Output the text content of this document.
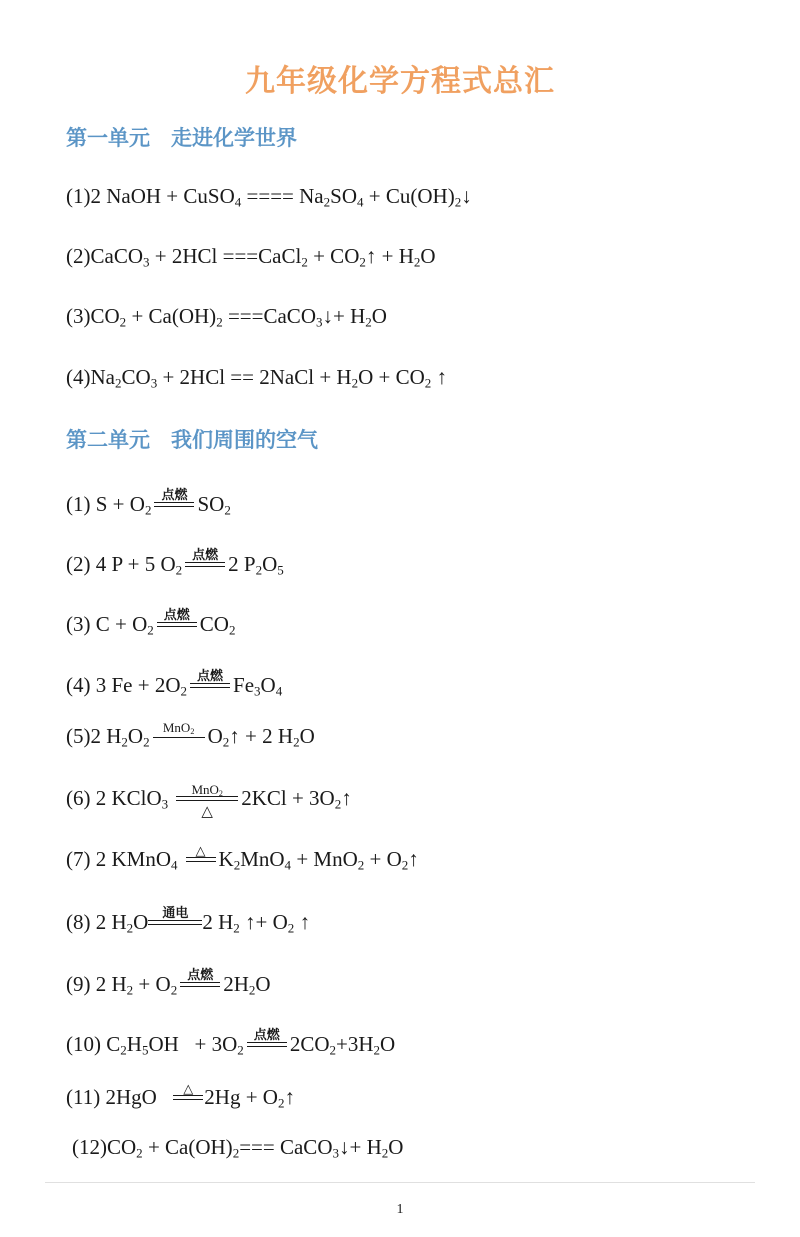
九年级化学方程式总汇
第一单元　走进化学世界
(1)2 NaOH + CuSO$_4$ ==== $Na_2SO_4$ + $Cu(OH)_2↓$
(2)CaCO$_3$ + 2HCl ===CaCl$_2$ + $CO_2↑ + H_2O$
$(3)CO_2 + Ca(OH)_2$ ===CaCO$_3$↓+ $H_2O$
$(4)Na_2CO_3 + 2HCl$ == 2NaCl + $H_2O + CO_2$ ↑
第二单元　我们周围的空气
(1) $S + O_2$
点燃 $SO_2$
(2) 4 P + 5 $O_2$
点燃 2 $P_2O_5$
(3) $C + O_2$
点燃 $CO_2$
(4) 3 $Fe + 2O_2$
点燃 $Fe_3O_4$
(5)2 $H_2O_2$
MnO$_2$ $O_2↑ + 2$ $H_2O$
(6) 2 KClO$_3$
MnO$_2$
△
$2KCl + 3O_2↑$
(7) 2 KMnO$_4$
△ $K_2MnO_4 + MnO_2$ + $O_2↑$
(8) 2 $H_2O$	通电 2 $H_2$ ↑+ $O_2$ ↑
(9) 2 $H_2 + O_2$
点燃 $2H_2O$
(10) $C_2H_5OH + 3O_2$
点燃 $2CO_2+3H_2O$
(11) 2HgO	△ $2Hg + O_2↑$
$(12)CO_2 + Ca(OH)_2===$ CaCO$_3$↓+ $H_2O$
1
